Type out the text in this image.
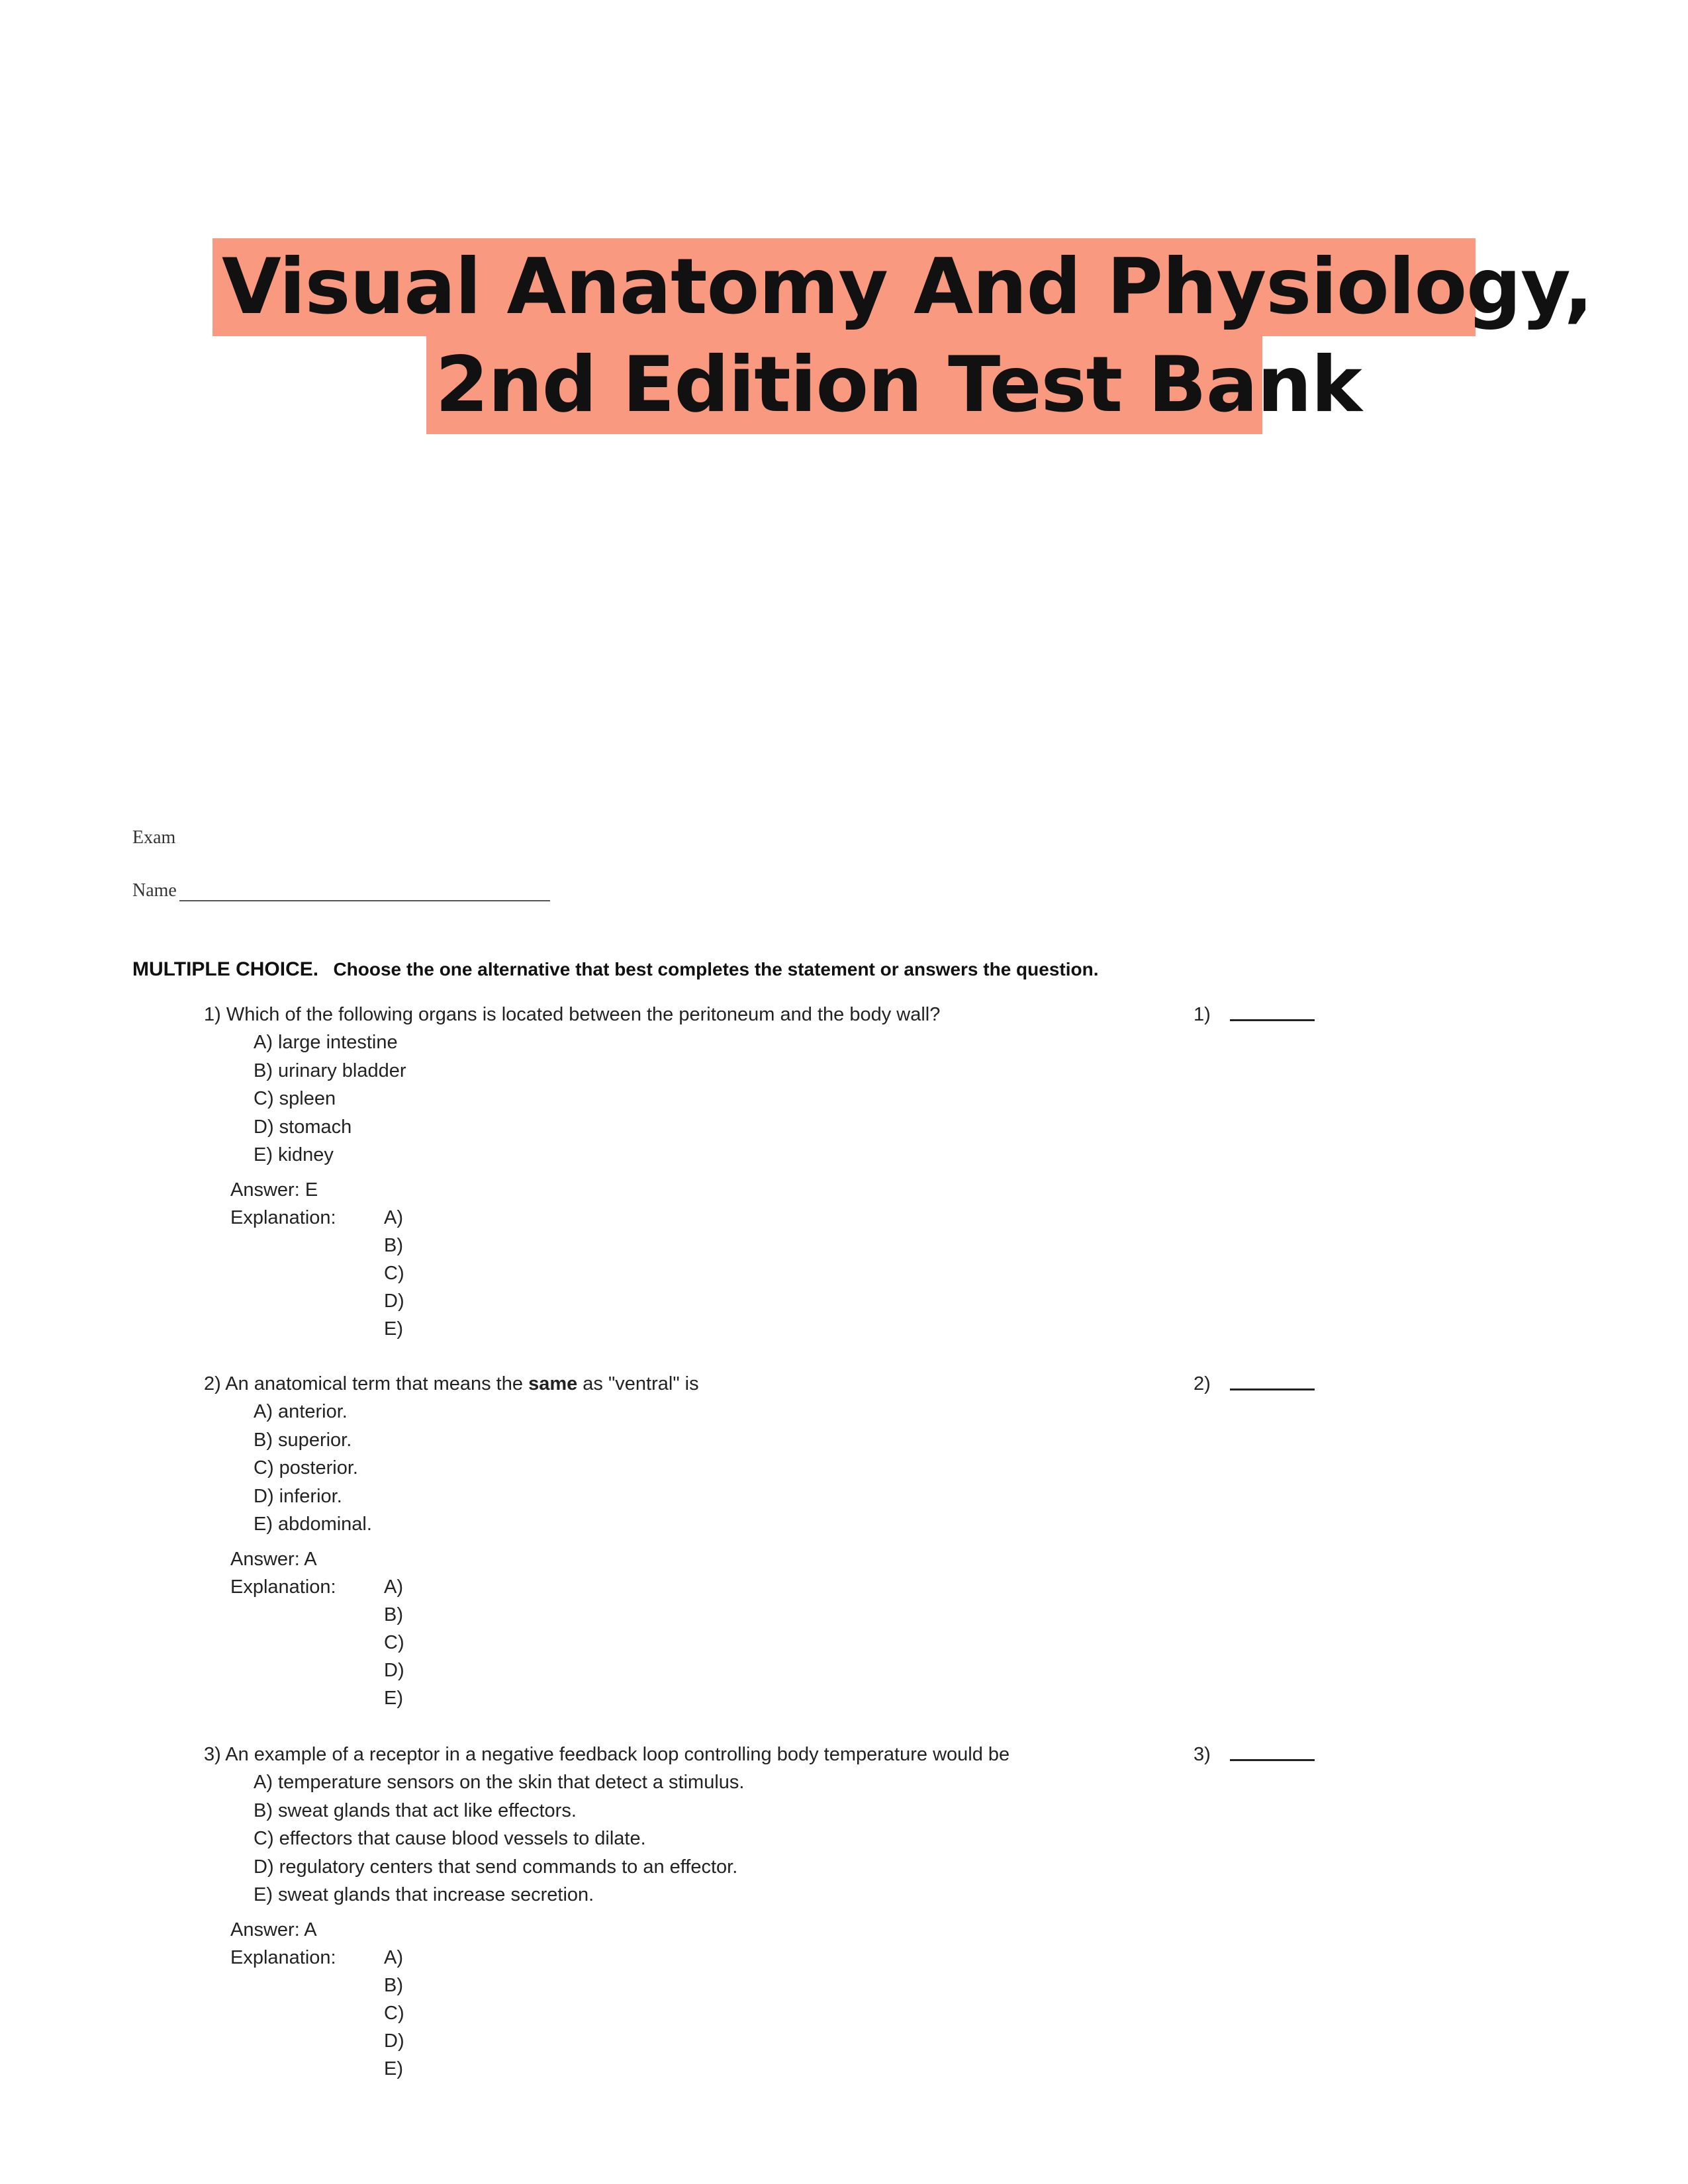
Visual Anatomy And Physiology,
2nd Edition Test Bank
Exam
Name
MULTIPLE CHOICE. Choose the one alternative that best completes the statement or answers the question.
1) Which of the following organs is located between the peritoneum and the body wall?	1)
A) large intestine
B) urinary bladder
C) spleen
D) stomach
E) kidney
Answer: E
Explanation:	A)
B)
C)
D)
E)
2) An anatomical term that means the same as "ventral" is	2)
A) anterior.
B) superior.
C) posterior.
D) inferior.
E) abdominal.
Answer: A
Explanation:	A)
B)
C)
D)
E)
3) An example of a receptor in a negative feedback loop controlling body temperature would be	3)
A) temperature sensors on the skin that detect a stimulus.
B) sweat glands that act like effectors.
C) effectors that cause blood vessels to dilate.
D) regulatory centers that send commands to an effector.
E) sweat glands that increase secretion.
Answer: A
Explanation:	A)
B)
C)
D)
E)
